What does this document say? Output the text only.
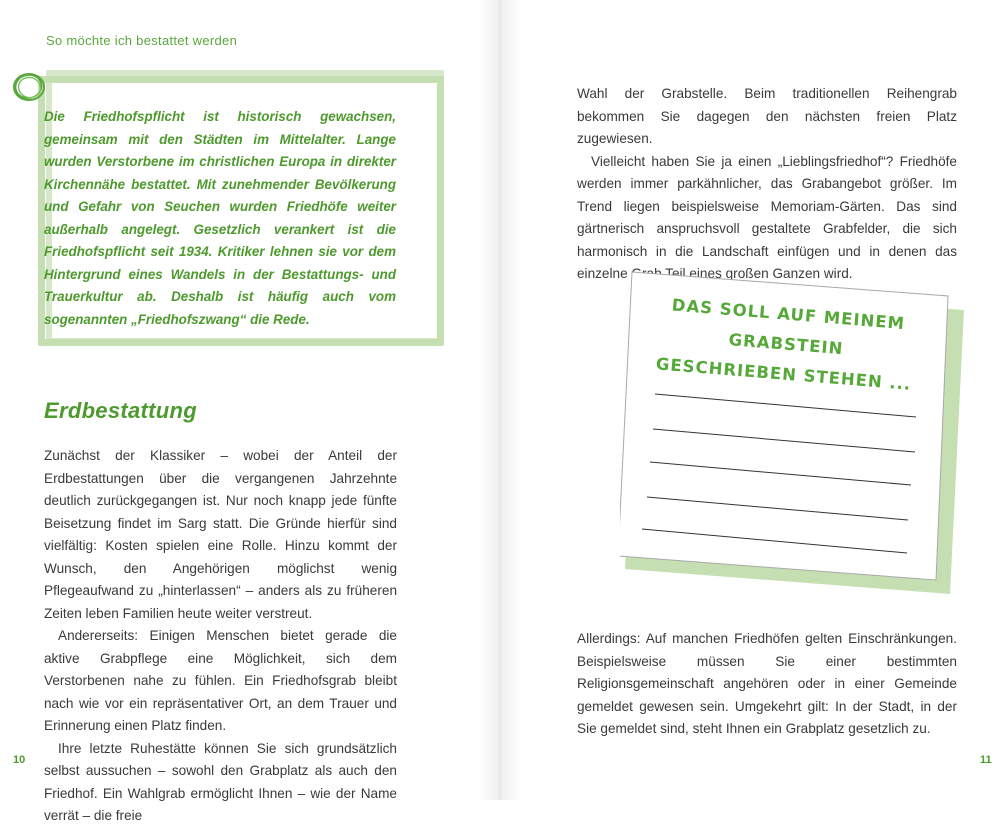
So möchte ich bestattet werden

Die Friedhofspflicht ist historisch gewachsen, gemeinsam mit den Städten im Mittelalter. Lange wurden Verstorbene im christlichen Europa in direkter Kirchennähe bestattet. Mit zunehmender Bevölkerung und Gefahr von Seuchen wurden Friedhöfe weiter außerhalb angelegt. Gesetzlich verankert ist die Friedhofspflicht seit 1934. Kritiker lehnen sie vor dem Hintergrund eines Wandels in der Bestattungs- und Trauerkultur ab. Deshalb ist häufig auch vom sogenannten „Friedhofszwang“ die Rede.

Erdbestattung

Zunächst der Klassiker – wobei der Anteil der Erdbestattungen über die vergangenen Jahrzehnte deutlich zurückgegangen ist. Nur noch knapp jede fünfte Beisetzung findet im Sarg statt. Die Gründe hierfür sind vielfältig: Kosten spielen eine Rolle. Hinzu kommt der Wunsch, den Angehörigen möglichst wenig Pflegeaufwand zu „hinterlassen“ – anders als zu früheren Zeiten leben Familien heute weiter verstreut.

Andererseits: Einigen Menschen bietet gerade die aktive Grabpflege eine Möglichkeit, sich dem Verstorbenen nahe zu fühlen. Ein Friedhofsgrab bleibt nach wie vor ein repräsentativer Ort, an dem Trauer und Erinnerung einen Platz finden.

Ihre letzte Ruhestätte können Sie sich grundsätzlich selbst aussuchen – sowohl den Grabplatz als auch den Friedhof. Ein Wahlgrab ermöglicht Ihnen – wie der Name verrät – die freie

Wahl der Grabstelle. Beim traditionellen Reihengrab bekommen Sie dagegen den nächsten freien Platz zugewiesen.

Vielleicht haben Sie ja einen „Lieblingsfriedhof“? Friedhöfe werden immer parkähnlicher, das Grabangebot größer. Im Trend liegen beispielsweise Memoriam-Gärten. Das sind gärtnerisch anspruchsvoll gestaltete Grabfelder, die sich harmonisch in die Landschaft einfügen und in denen das einzelne Grab Teil eines großen Ganzen wird.

DAS SOLL AUF MEINEM GRABSTEIN
GESCHRIEBEN STEHEN ...

Allerdings: Auf manchen Friedhöfen gelten Einschränkungen. Beispielsweise müssen Sie einer bestimmten Religionsgemeinschaft angehören oder in einer Gemeinde gemeldet gewesen sein. Umgekehrt gilt: In der Stadt, in der Sie gemeldet sind, steht Ihnen ein Grabplatz gesetzlich zu.

10	11
